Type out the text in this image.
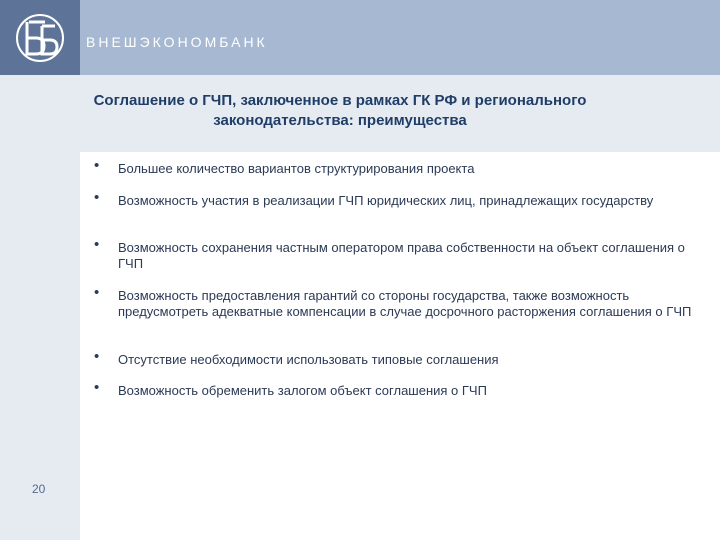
ВНЕШЭКОНОМБАНК
Соглашение о ГЧП, заключенное в рамках ГК РФ и регионального законодательства: преимущества
• Большее количество вариантов структурирования проекта
• Возможность участия в реализации ГЧП юридических лиц, принадлежащих государству
• Возможность сохранения частным оператором права собственности на объект соглашения о ГЧП
• Возможность предоставления гарантий со стороны государства, также возможность предусмотреть адекватные компенсации в случае досрочного расторжения соглашения о ГЧП
• Отсутствие необходимости использовать типовые соглашения
• Возможность обременить залогом объект соглашения о ГЧП
20
